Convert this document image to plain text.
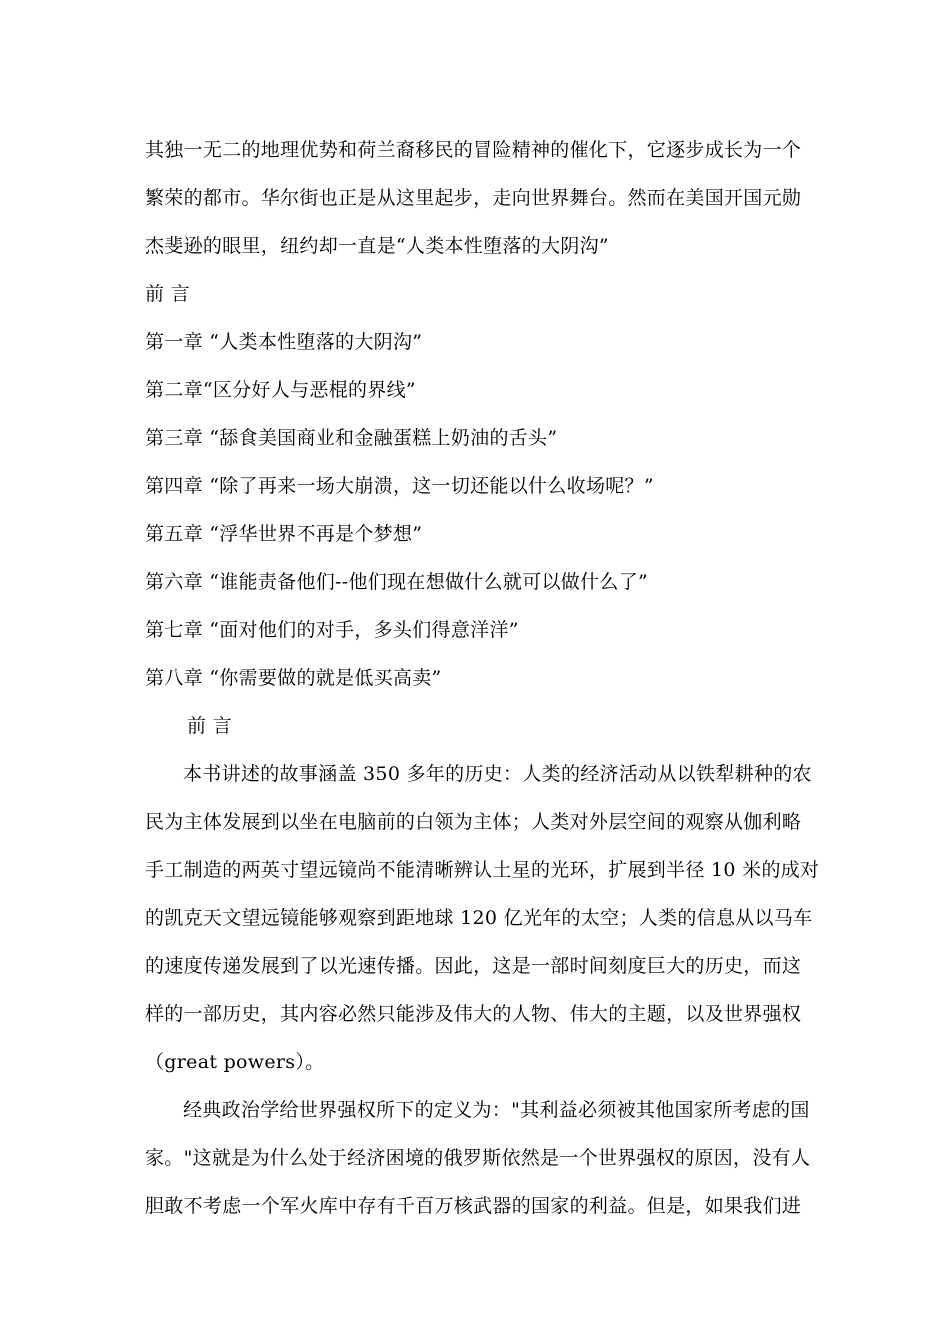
其独一无二的地理优势和荷兰裔移民的冒险精神的催化下，它逐步成长为一个
繁荣的都市。华尔街也正是从这里起步，走向世界舞台。然而在美国开国元勋
杰斐逊的眼里，纽约却一直是“人类本性堕落的大阴沟”
前 言
第一章 “人类本性堕落的大阴沟”
第二章“区分好人与恶棍的界线”
第三章 “舔食美国商业和金融蛋糕上奶油的舌头”
第四章 “除了再来一场大崩溃，这一切还能以什么收场呢？”
第五章 “浮华世界不再是个梦想”
第六章 “谁能责备他们--他们现在想做什么就可以做什么了”
第七章 “面对他们的对手，多头们得意洋洋”
第八章 “你需要做的就是低买高卖”
前 言
本书讲述的故事涵盖 350 多年的历史：人类的经济活动从以铁犁耕种的农
民为主体发展到以坐在电脑前的白领为主体；人类对外层空间的观察从伽利略
手工制造的两英寸望远镜尚不能清晰辨认土星的光环，扩展到半径 10 米的成对
的凯克天文望远镜能够观察到距地球 120 亿光年的太空；人类的信息从以马车
的速度传递发展到了以光速传播。因此，这是一部时间刻度巨大的历史，而这
样的一部历史，其内容必然只能涉及伟大的人物、伟大的主题，以及世界强权
（great powers）。
经典政治学给世界强权所下的定义为："其利益必须被其他国家所考虑的国
家。"这就是为什么处于经济困境的俄罗斯依然是一个世界强权的原因，没有人
胆敢不考虑一个军火库中存有千百万核武器的国家的利益。但是，如果我们进
